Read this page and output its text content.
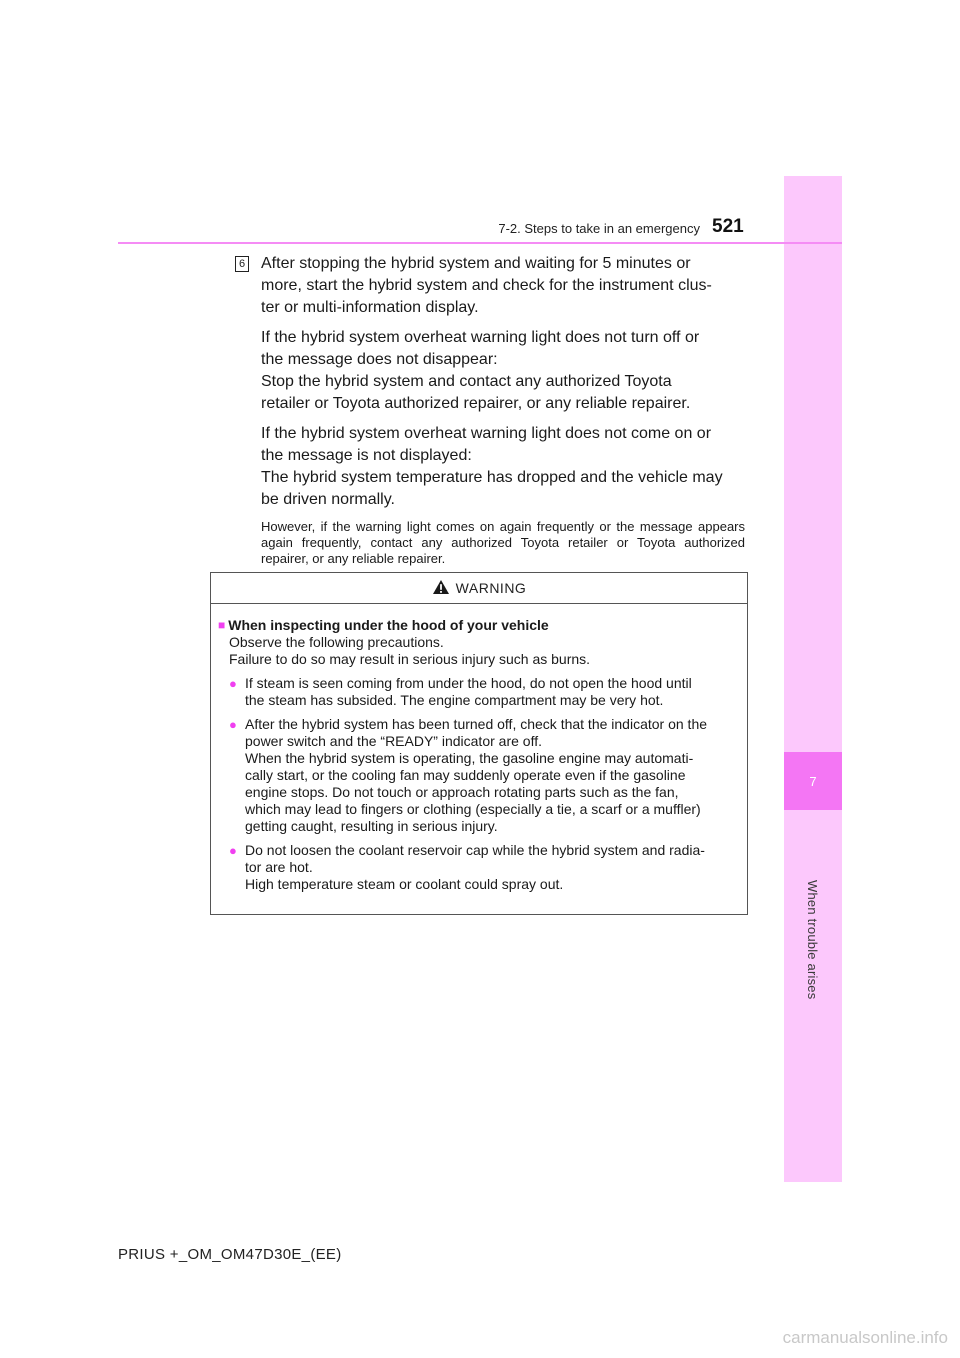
7
When trouble arises
7-2. Steps to take in an emergency 521
6 After stopping the hybrid system and waiting for 5 minutes or
more, start the hybrid system and check for the instrument clus-
ter or multi-information display.
If the hybrid system overheat warning light does not turn off or
the message does not disappear:
Stop the hybrid system and contact any authorized Toyota
retailer or Toyota authorized repairer, or any reliable repairer.
If the hybrid system overheat warning light does not come on or
the message is not displayed:
The hybrid system temperature has dropped and the vehicle may
be driven normally.
However, if the warning light comes on again frequently or the message appears again frequently, contact any authorized Toyota retailer or Toyota authorized repairer, or any reliable repairer.
WARNING
■ When inspecting under the hood of your vehicle
Observe the following precautions.
Failure to do so may result in serious injury such as burns.
● If steam is seen coming from under the hood, do not open the hood until
the steam has subsided. The engine compartment may be very hot.
● After the hybrid system has been turned off, check that the indicator on the
power switch and the “READY” indicator are off.
When the hybrid system is operating, the gasoline engine may automati-
cally start, or the cooling fan may suddenly operate even if the gasoline
engine stops. Do not touch or approach rotating parts such as the fan,
which may lead to fingers or clothing (especially a tie, a scarf or a muffler)
getting caught, resulting in serious injury.
● Do not loosen the coolant reservoir cap while the hybrid system and radia-
tor are hot.
High temperature steam or coolant could spray out.
PRIUS +_OM_OM47D30E_(EE)
carmanualsonline.info
